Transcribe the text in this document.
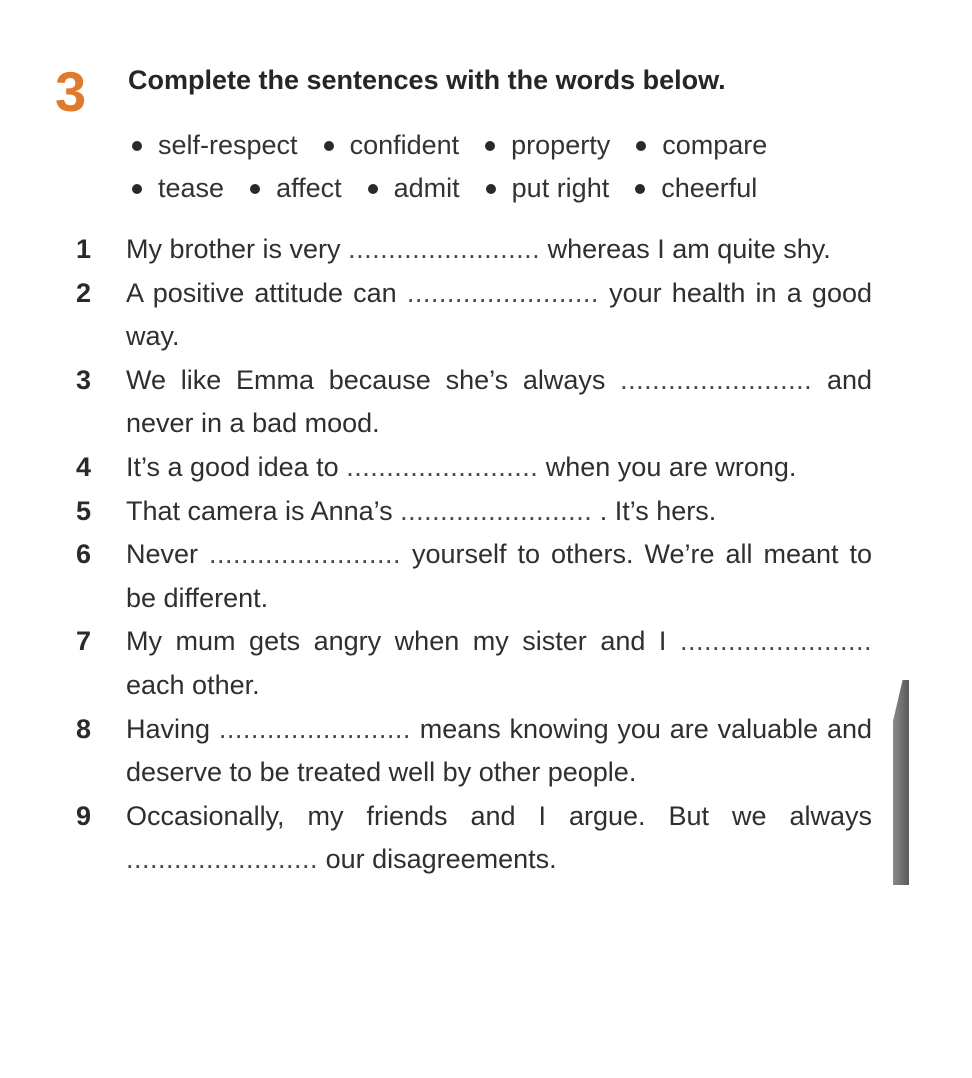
3 Complete the sentences with the words below.
self-respect confident property compare
tease affect admit put right cheerful
1	My brother is very ........................ whereas I am quite shy.
2	A positive attitude can ........................ your health in a good way.
3	We like Emma because she’s always ........................ and never in a bad mood.
4	It’s a good idea to ........................ when you are wrong.
5	That camera is Anna’s ........................ . It’s hers.
6	Never ........................ yourself to others. We’re all meant to be different.
7	My mum gets angry when my sister and I ........................ each other.
8	Having ........................ means knowing you are valuable and deserve to be treated well by other people.
9	Occasionally, my friends and I argue. But we always ........................ our disagreements.
